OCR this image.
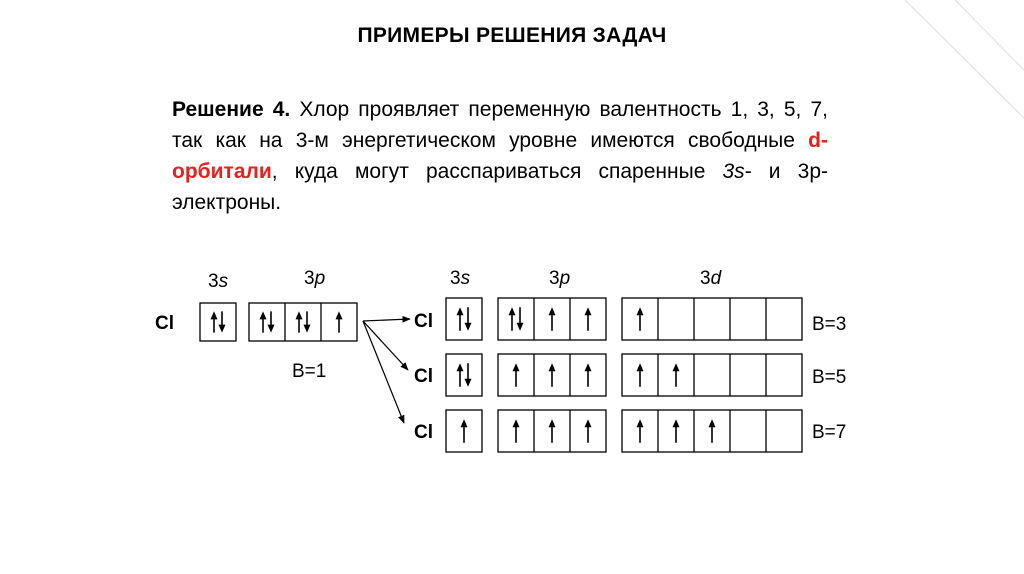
ПРИМЕРЫ РЕШЕНИЯ ЗАДАЧ
Решение 4. Хлор проявляет переменную валентность 1, 3, 5, 7, так как на 3-м энергетическом уровне имеются свободные d-орбитали, куда могут расспариваться спаренные 3s- и 3р-электроны.
3s	3p	3s	3p	3d
Cl	Cl
Cl
Cl
В=1
В=3
В=5
В=7
